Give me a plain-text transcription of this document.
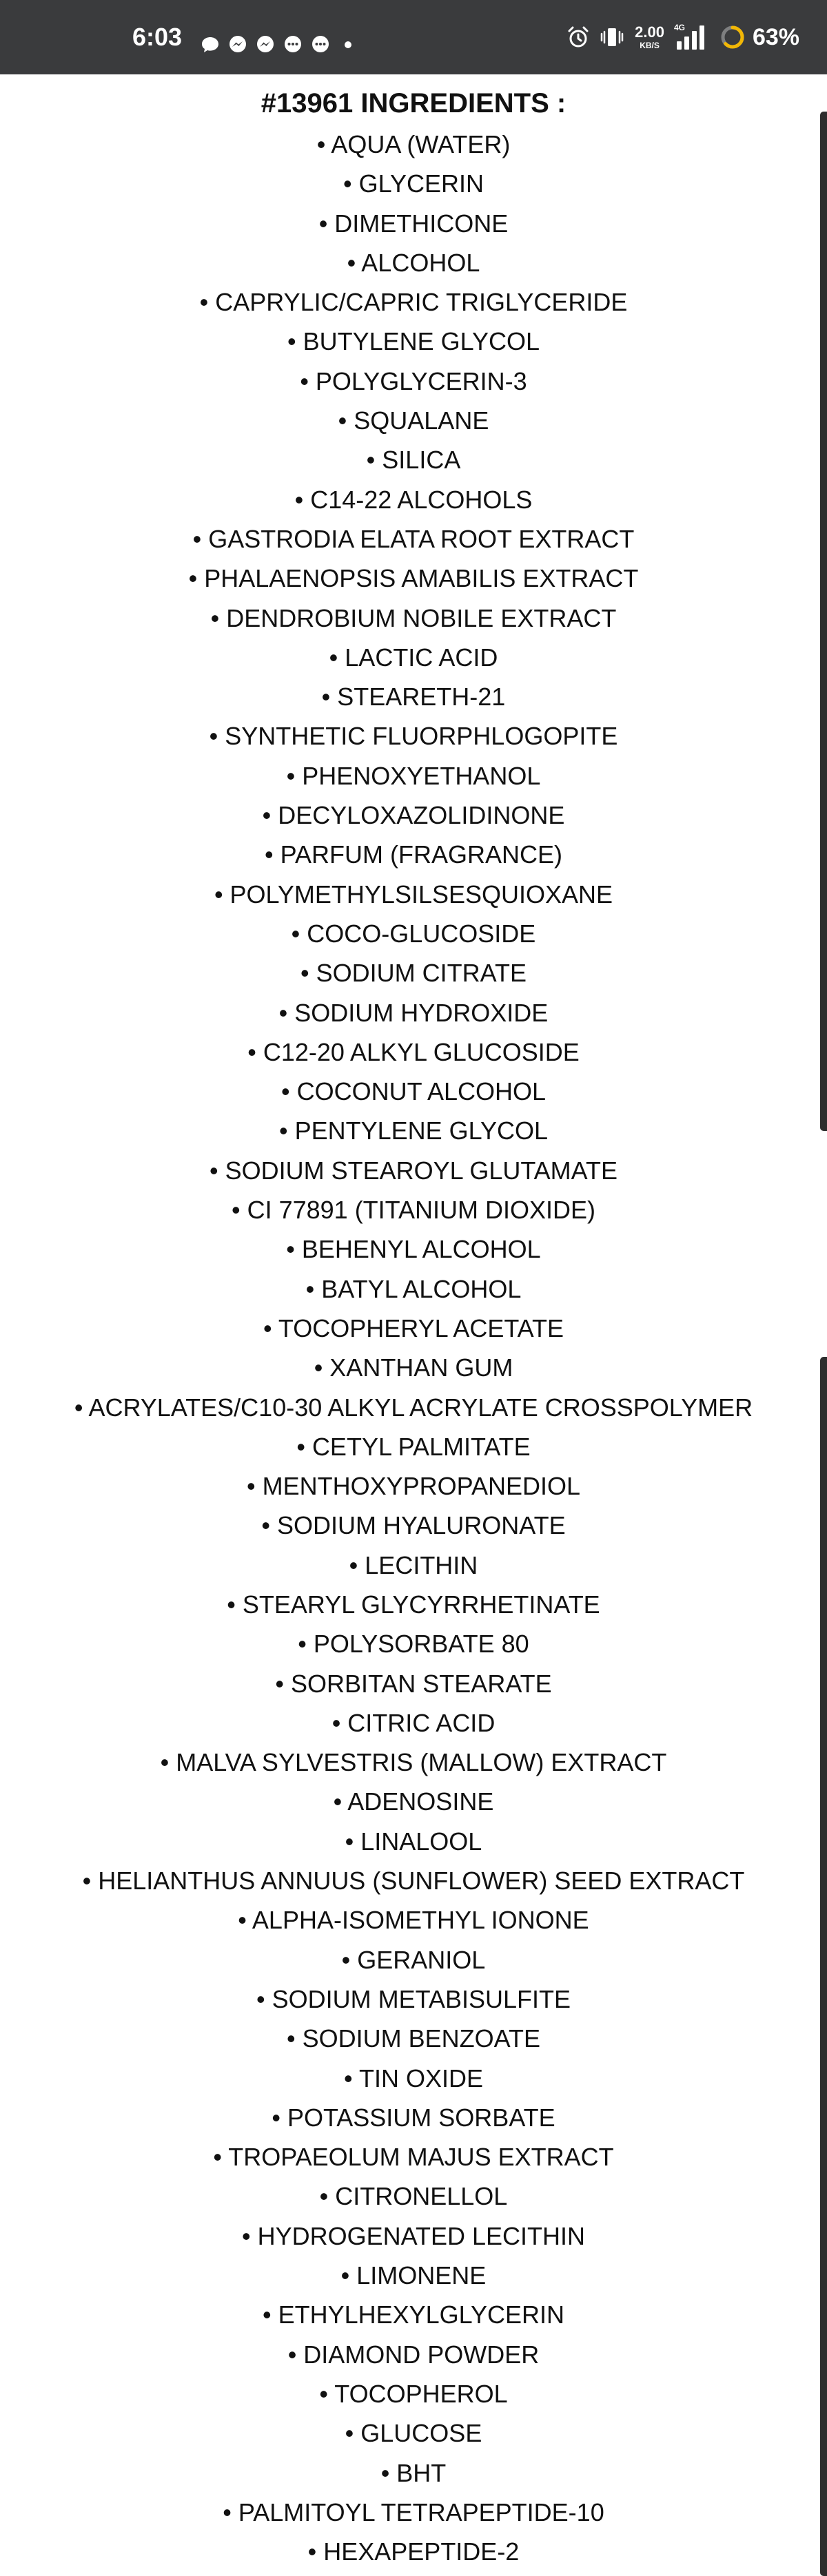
6:03	2.00
KB/S
4G	63%
#13961 INGREDIENTS :
• AQUA (WATER)
• GLYCERIN
• DIMETHICONE
• ALCOHOL
• CAPRYLIC/CAPRIC TRIGLYCERIDE
• BUTYLENE GLYCOL
• POLYGLYCERIN-3
• SQUALANE
• SILICA
• C14-22 ALCOHOLS
• GASTRODIA ELATA ROOT EXTRACT
• PHALAENOPSIS AMABILIS EXTRACT
• DENDROBIUM NOBILE EXTRACT
• LACTIC ACID
• STEARETH-21
• SYNTHETIC FLUORPHLOGOPITE
• PHENOXYETHANOL
• DECYLOXAZOLIDINONE
• PARFUM (FRAGRANCE)
• POLYMETHYLSILSESQUIOXANE
• COCO-GLUCOSIDE
• SODIUM CITRATE
• SODIUM HYDROXIDE
• C12-20 ALKYL GLUCOSIDE
• COCONUT ALCOHOL
• PENTYLENE GLYCOL
• SODIUM STEAROYL GLUTAMATE
• CI 77891 (TITANIUM DIOXIDE)
• BEHENYL ALCOHOL
• BATYL ALCOHOL
• TOCOPHERYL ACETATE
• XANTHAN GUM
• ACRYLATES/C10-30 ALKYL ACRYLATE CROSSPOLYMER
• CETYL PALMITATE
• MENTHOXYPROPANEDIOL
• SODIUM HYALURONATE
• LECITHIN
• STEARYL GLYCYRRHETINATE
• POLYSORBATE 80
• SORBITAN STEARATE
• CITRIC ACID
• MALVA SYLVESTRIS (MALLOW) EXTRACT
• ADENOSINE
• LINALOOL
• HELIANTHUS ANNUUS (SUNFLOWER) SEED EXTRACT
• ALPHA-ISOMETHYL IONONE
• GERANIOL
• SODIUM METABISULFITE
• SODIUM BENZOATE
• TIN OXIDE
• POTASSIUM SORBATE
• TROPAEOLUM MAJUS EXTRACT
• CITRONELLOL
• HYDROGENATED LECITHIN
• LIMONENE
• ETHYLHEXYLGLYCERIN
• DIAMOND POWDER
• TOCOPHEROL
• GLUCOSE
• BHT
• PALMITOYL TETRAPEPTIDE-10
• HEXAPEPTIDE-2
